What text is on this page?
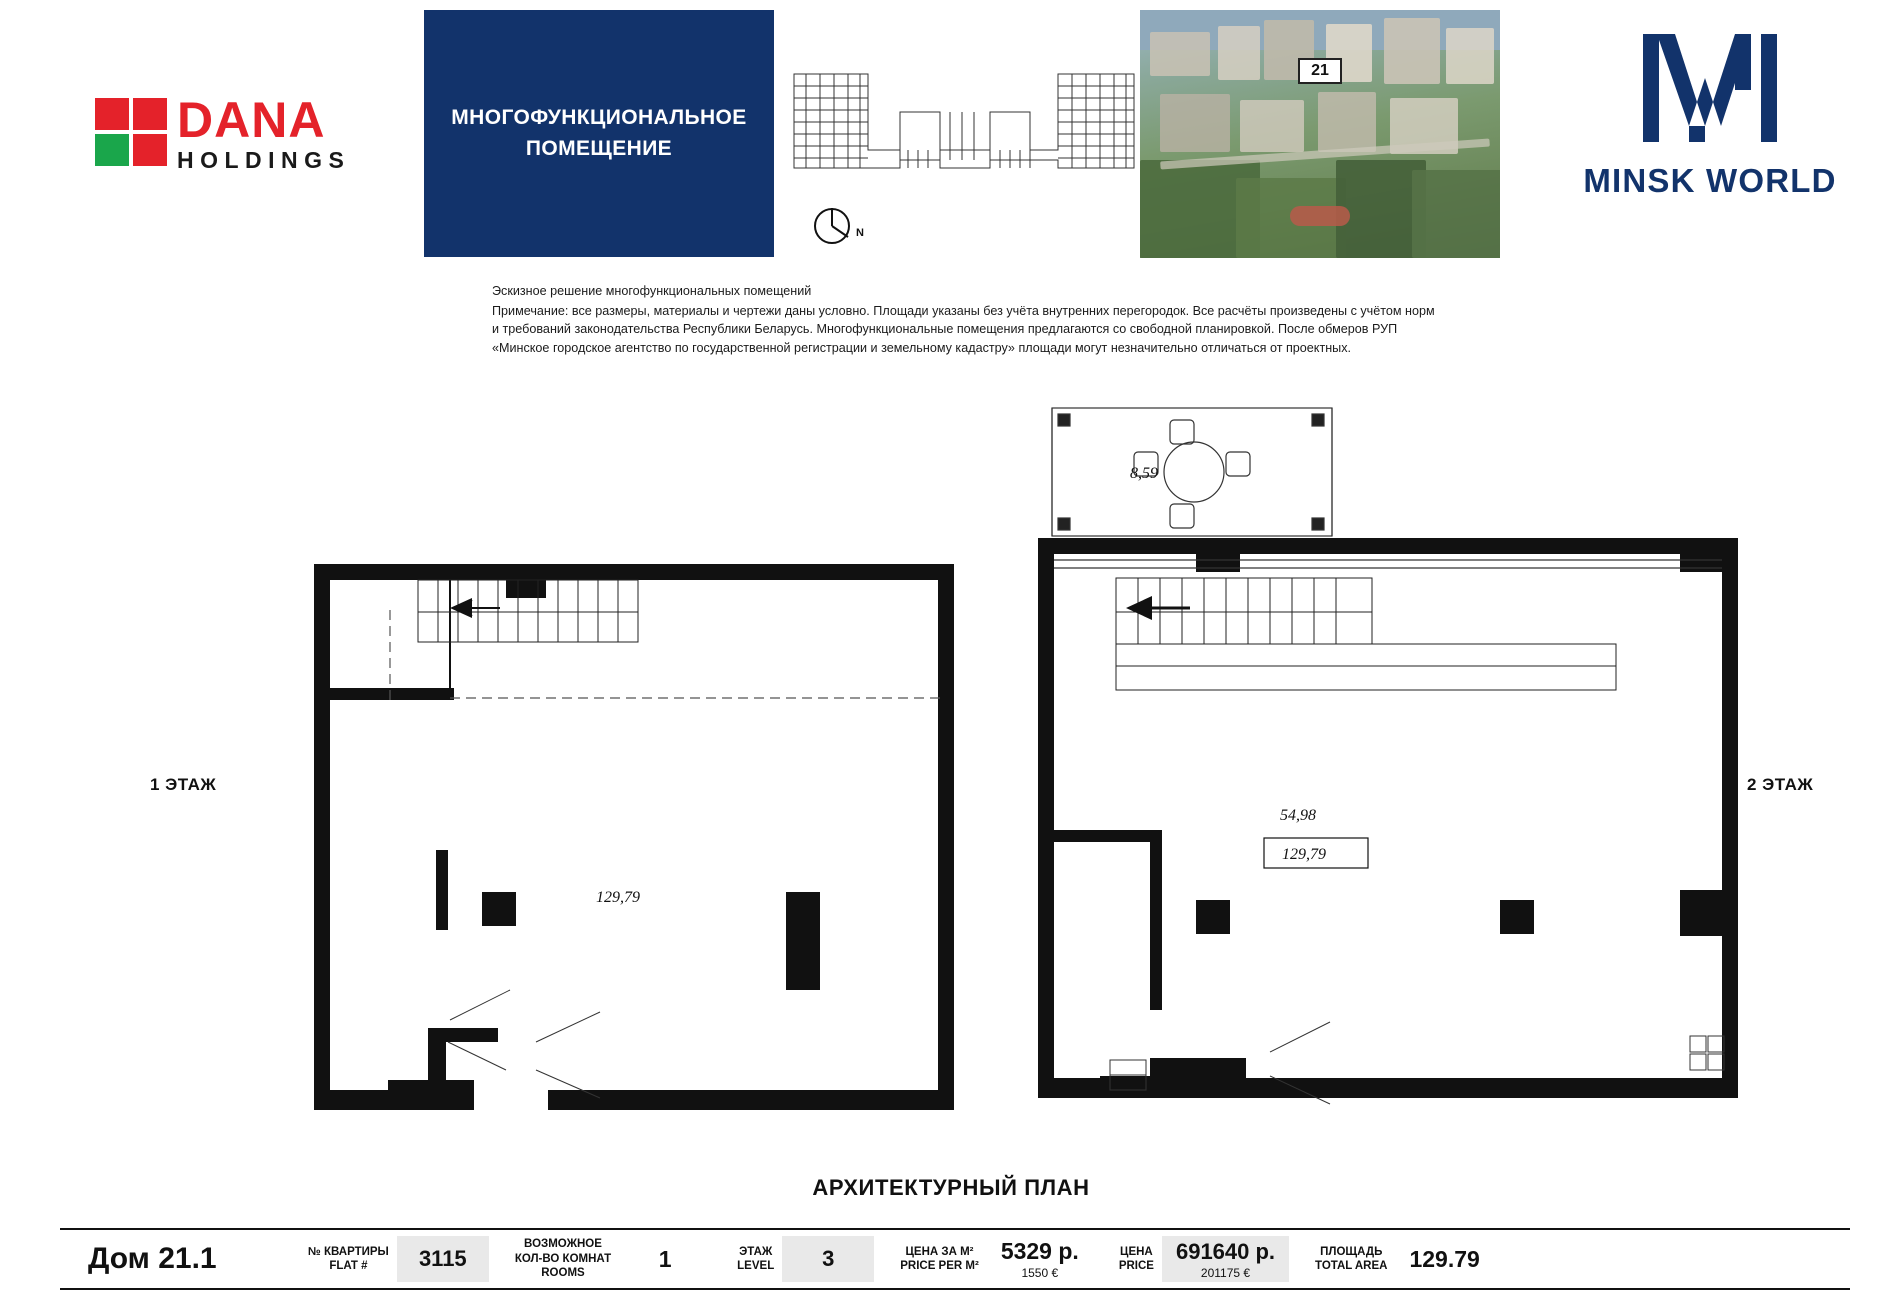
DANA
HOLDINGS
МНОГОФУНКЦИОНАЛЬНОЕ
ПОМЕЩЕНИЕ
N
21
MINSK WORLD
Эскизное решение многофункциональных помещений
Примечание: все размеры, материалы и чертежи даны условно. Площади указаны без учёта внутренних перегородок. Все расчёты произведены с учётом норм и требований законодательства Республики Беларусь. Многофункциональные помещения предлагаются со свободной планировкой. После обмеров РУП «Минское городское агентство по государственной регистрации и земельному кадастру» площади могут незначительно отличаться от проектных.
1 ЭТАЖ	2 ЭТАЖ
129,79
8,59
54,98
129,79
АРХИТЕКТУРНЫЙ ПЛАН
Дом 21.1	№ КВАРТИРЫ
FLAT #	3115
ВОЗМОЖНОЕ
КОЛ-ВО КОМНАТ
ROOMS
1	ЭТАЖ
LEVEL	3	ЦЕНА ЗА М²
PRICE PER M²
5329 р.
1550 €
ЦЕНА
PRICE
691640 р.
201175 €
ПЛОЩАДЬ
TOTAL AREA 129.79
